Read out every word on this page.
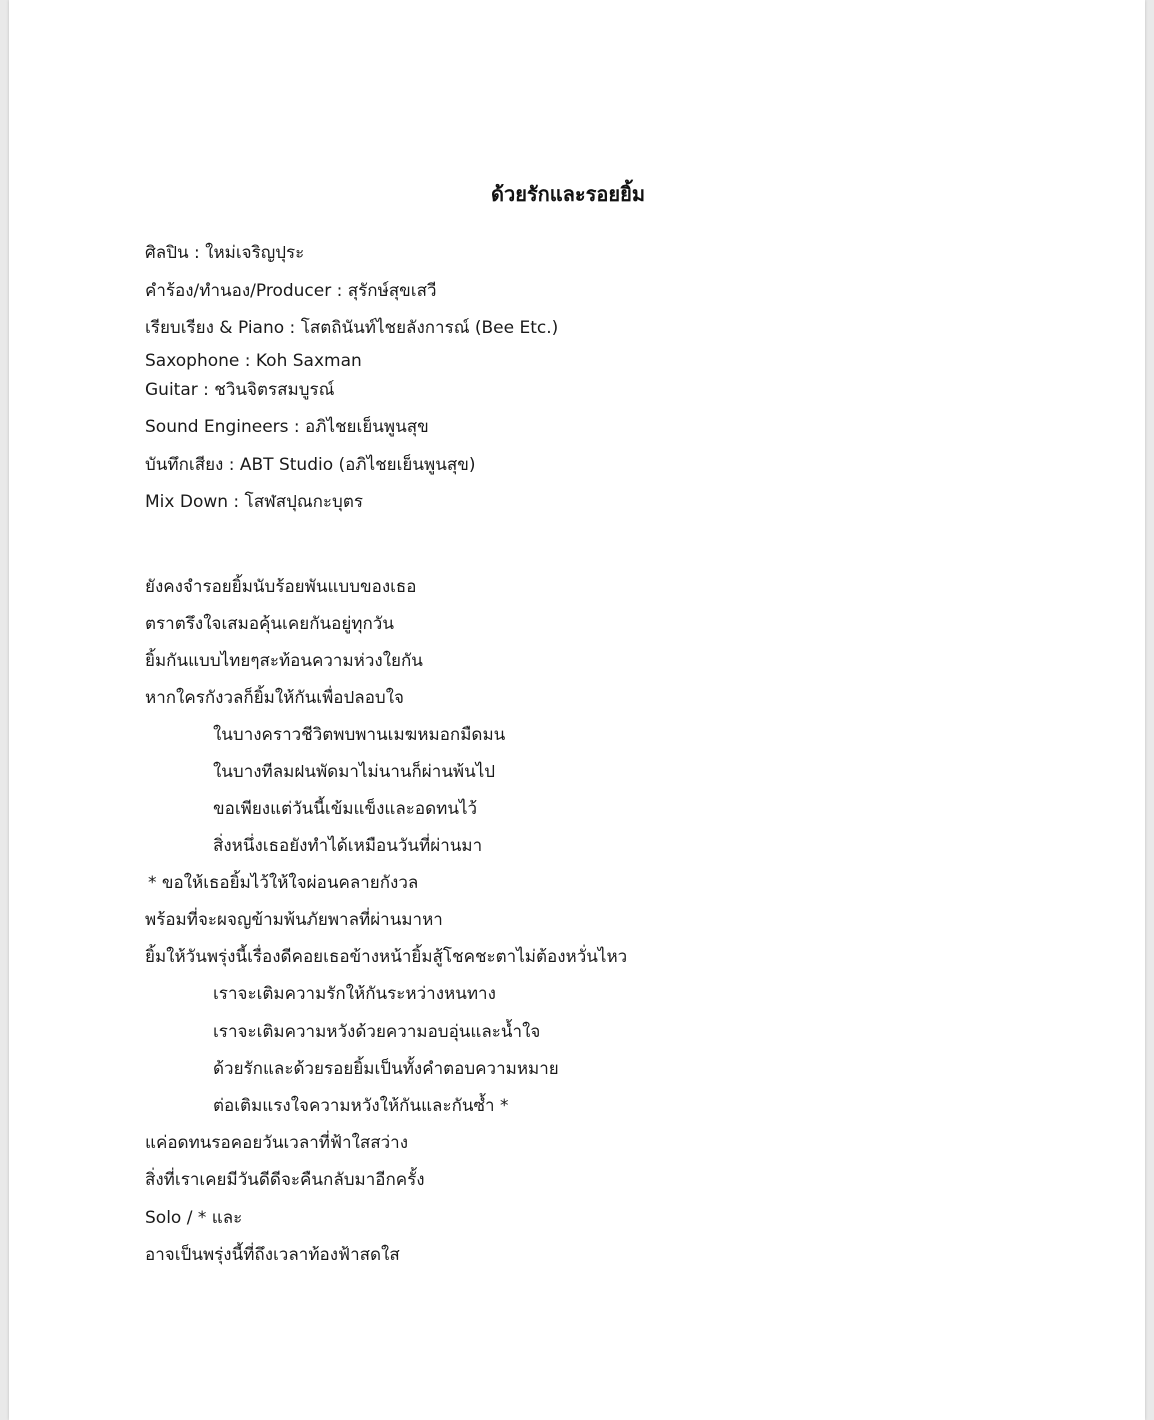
ด้วยรักและรอยยิ้ม
ศิลปิน : ใหม่เจริญปุระ
คำร้อง/ทำนอง/Producer : สุรักษ์สุขเสวี
เรียบเรียง & Piano : โสตถินันท์ไชยลังการณ์ (Bee Etc.)
Saxophone : Koh Saxman
Guitar : ชวินจิตรสมบูรณ์
Sound Engineers : อภิไชยเย็นพูนสุข
บันทึกเสียง : ABT Studio (อภิไชยเย็นพูนสุข)
Mix Down : โสฬสปุณกะบุตร
ยังคงจำรอยยิ้มนับร้อยพันแบบของเธอ
ตราตรึงใจเสมอคุ้นเคยกันอยู่ทุกวัน
ยิ้มกันแบบไทยๆสะท้อนความห่วงใยกัน
หากใครกังวลก็ยิ้มให้กันเพื่อปลอบใจ
ในบางคราวชีวิตพบพานเมฆหมอกมืดมน
ในบางทีลมฝนพัดมาไม่นานก็ผ่านพ้นไป
ขอเพียงแต่วันนี้เข้มแข็งและอดทนไว้
สิ่งหนึ่งเธอยังทำได้เหมือนวันที่ผ่านมา
* ขอให้เธอยิ้มไว้ให้ใจผ่อนคลายกังวล
พร้อมที่จะผจญข้ามพ้นภัยพาลที่ผ่านมาหา
ยิ้มให้วันพรุ่งนี้เรื่องดีคอยเธอข้างหน้ายิ้มสู้โชคชะตาไม่ต้องหวั่นไหว
เราจะเติมความรักให้กันระหว่างหนทาง
เราจะเติมความหวังด้วยความอบอุ่นและน้ำใจ
ด้วยรักและด้วยรอยยิ้มเป็นทั้งคำตอบความหมาย
ต่อเติมแรงใจความหวังให้กันและกันซ้ำ *
แค่อดทนรอคอยวันเวลาที่ฟ้าใสสว่าง
สิ่งที่เราเคยมีวันดีดีจะคืนกลับมาอีกครั้ง
Solo / * และ
อาจเป็นพรุ่งนี้ที่ถึงเวลาท้องฟ้าสดใส
